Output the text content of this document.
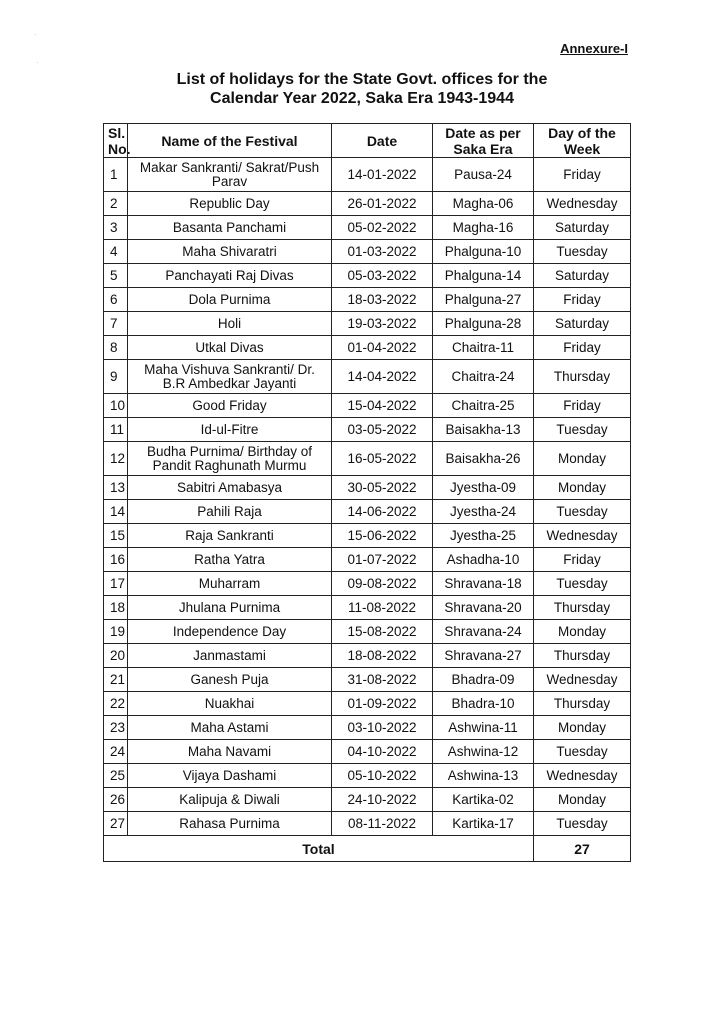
Annexure-I
List of holidays for the State Govt. offices for the
Calendar Year 2022, Saka Era 1943-1944
·
·
Sl. No.	Name of the Festival	Date	Date as per Saka Era	Day of the Week
1	Makar Sankranti/ Sakrat/Push Parav	14-01-2022	Pausa-24	Friday
2	Republic Day	26-01-2022	Magha-06	Wednesday
3	Basanta Panchami	05-02-2022	Magha-16	Saturday
4	Maha Shivaratri	01-03-2022	Phalguna-10	Tuesday
5	Panchayati Raj Divas	05-03-2022	Phalguna-14	Saturday
6	Dola Purnima	18-03-2022	Phalguna-27	Friday
7	Holi	19-03-2022	Phalguna-28	Saturday
8	Utkal Divas	01-04-2022	Chaitra-11	Friday
9	Maha Vishuva Sankranti/ Dr. B.R Ambedkar Jayanti	14-04-2022	Chaitra-24	Thursday
10	Good Friday	15-04-2022	Chaitra-25	Friday
11	Id-ul-Fitre	03-05-2022	Baisakha-13	Tuesday
12	Budha Purnima/ Birthday of Pandit Raghunath Murmu	16-05-2022	Baisakha-26	Monday
13	Sabitri Amabasya	30-05-2022	Jyestha-09	Monday
14	Pahili Raja	14-06-2022	Jyestha-24	Tuesday
15	Raja Sankranti	15-06-2022	Jyestha-25	Wednesday
16	Ratha Yatra	01-07-2022	Ashadha-10	Friday
17	Muharram	09-08-2022	Shravana-18	Tuesday
18	Jhulana Purnima	11-08-2022	Shravana-20	Thursday
19	Independence Day	15-08-2022	Shravana-24	Monday
20	Janmastami	18-08-2022	Shravana-27	Thursday
21	Ganesh Puja	31-08-2022	Bhadra-09	Wednesday
22	Nuakhai	01-09-2022	Bhadra-10	Thursday
23	Maha Astami	03-10-2022	Ashwina-11	Monday
24	Maha Navami	04-10-2022	Ashwina-12	Tuesday
25	Vijaya Dashami	05-10-2022	Ashwina-13	Wednesday
26	Kalipuja & Diwali	24-10-2022	Kartika-02	Monday
27	Rahasa Purnima	08-11-2022	Kartika-17	Tuesday
Total				27
